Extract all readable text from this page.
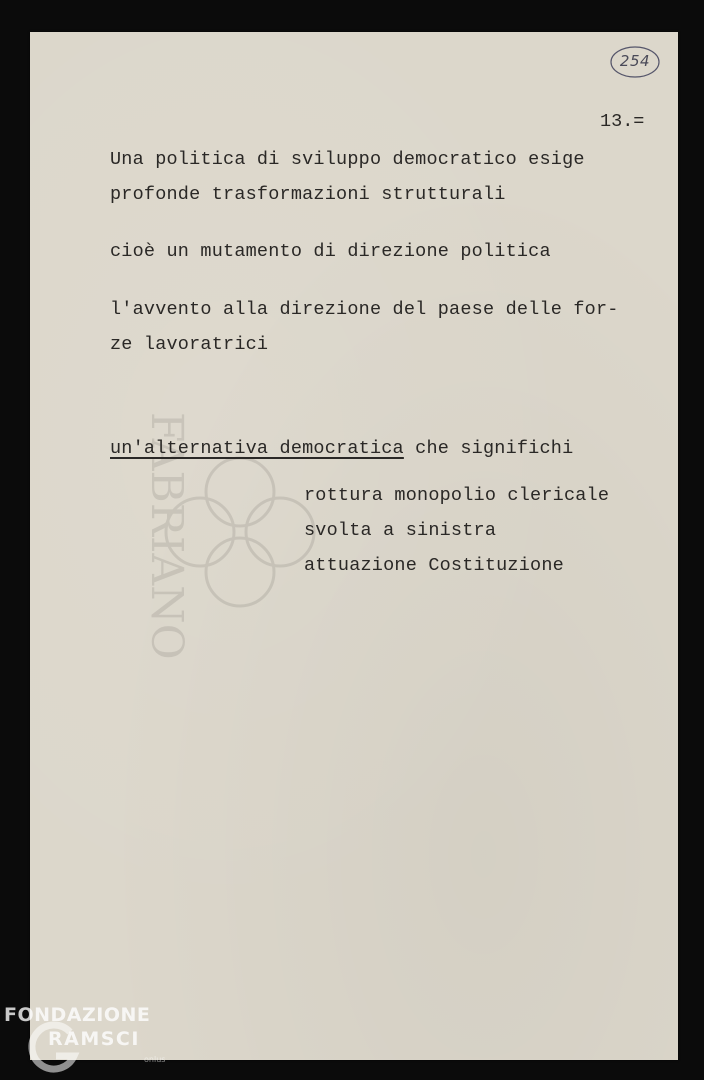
FABRIANO
254
13.=
Una politica di sviluppo democratico esige
profonde trasformazioni strutturali
cioè un mutamento di direzione politica
l'avvento alla direzione del paese delle for-
ze lavoratrici
un'alternativa democratica che significhi
rottura monopolio clericale
svolta a sinistra
attuazione Costituzione
FONDAZIONE
RAMSCI
onlus
